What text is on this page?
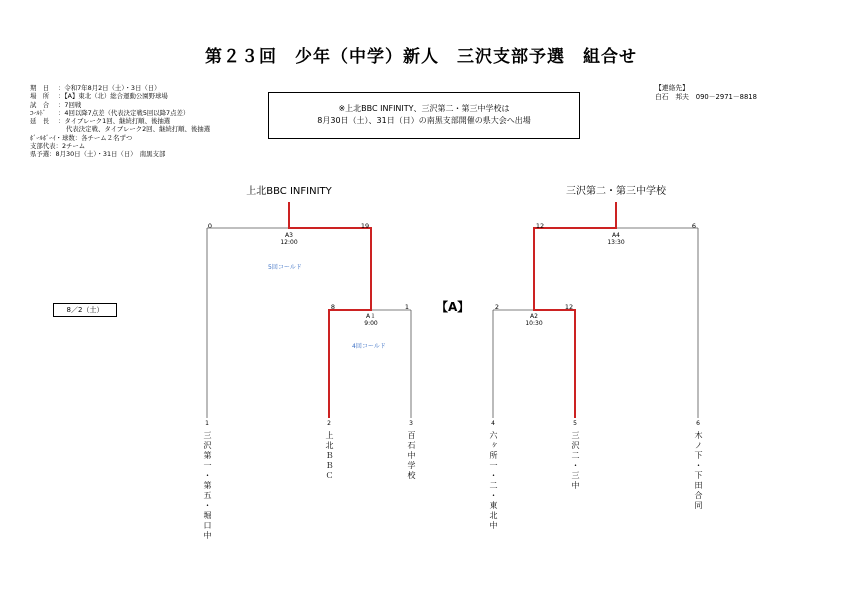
第２３回　少年（中学）新人　三沢支部予選　組合せ
期　日	：令和7年8月2日（土）・3日（日）
場　所	：【A】東北（北）総合運動公園野球場
試　合	：7回戦
ｺｰﾙﾄﾞ	：4回以降7点差（代表決定戦5回以降7点差）
延　長	：タイブレーク1回、継続打順、後抽選
代表決定戦、タイブレーク2回、継続打順、後抽選
ﾎﾞｰﾙﾎﾞｰｲ・球数 ：各チーム２名ずつ
支部代表 ：2チーム
県予選 ：8月30日（土）・31日（日）　南黒支部
【連絡先】
白石　邦夫　090－2971－8818
※上北BBC INFINITY、三沢第二・第三中学校は
8月30日（土）、31日（日）の南黒支部開催の県大会へ出場
8／2（土）
上北BBC INFINITY	三沢第二・第三中学校
【A】
0	19
A3
12:00
5回コールド
8	1
A１
9:00
4回コールド
2	12
A2
10:30
12	6
A4
13:30
1
三沢第一・第五・堀口中
2
上北ＢＢＣ
3
百石中学校
4
六ヶ所一・二・東北中
5
三沢二・三中
6
木ノ下・下田合同
